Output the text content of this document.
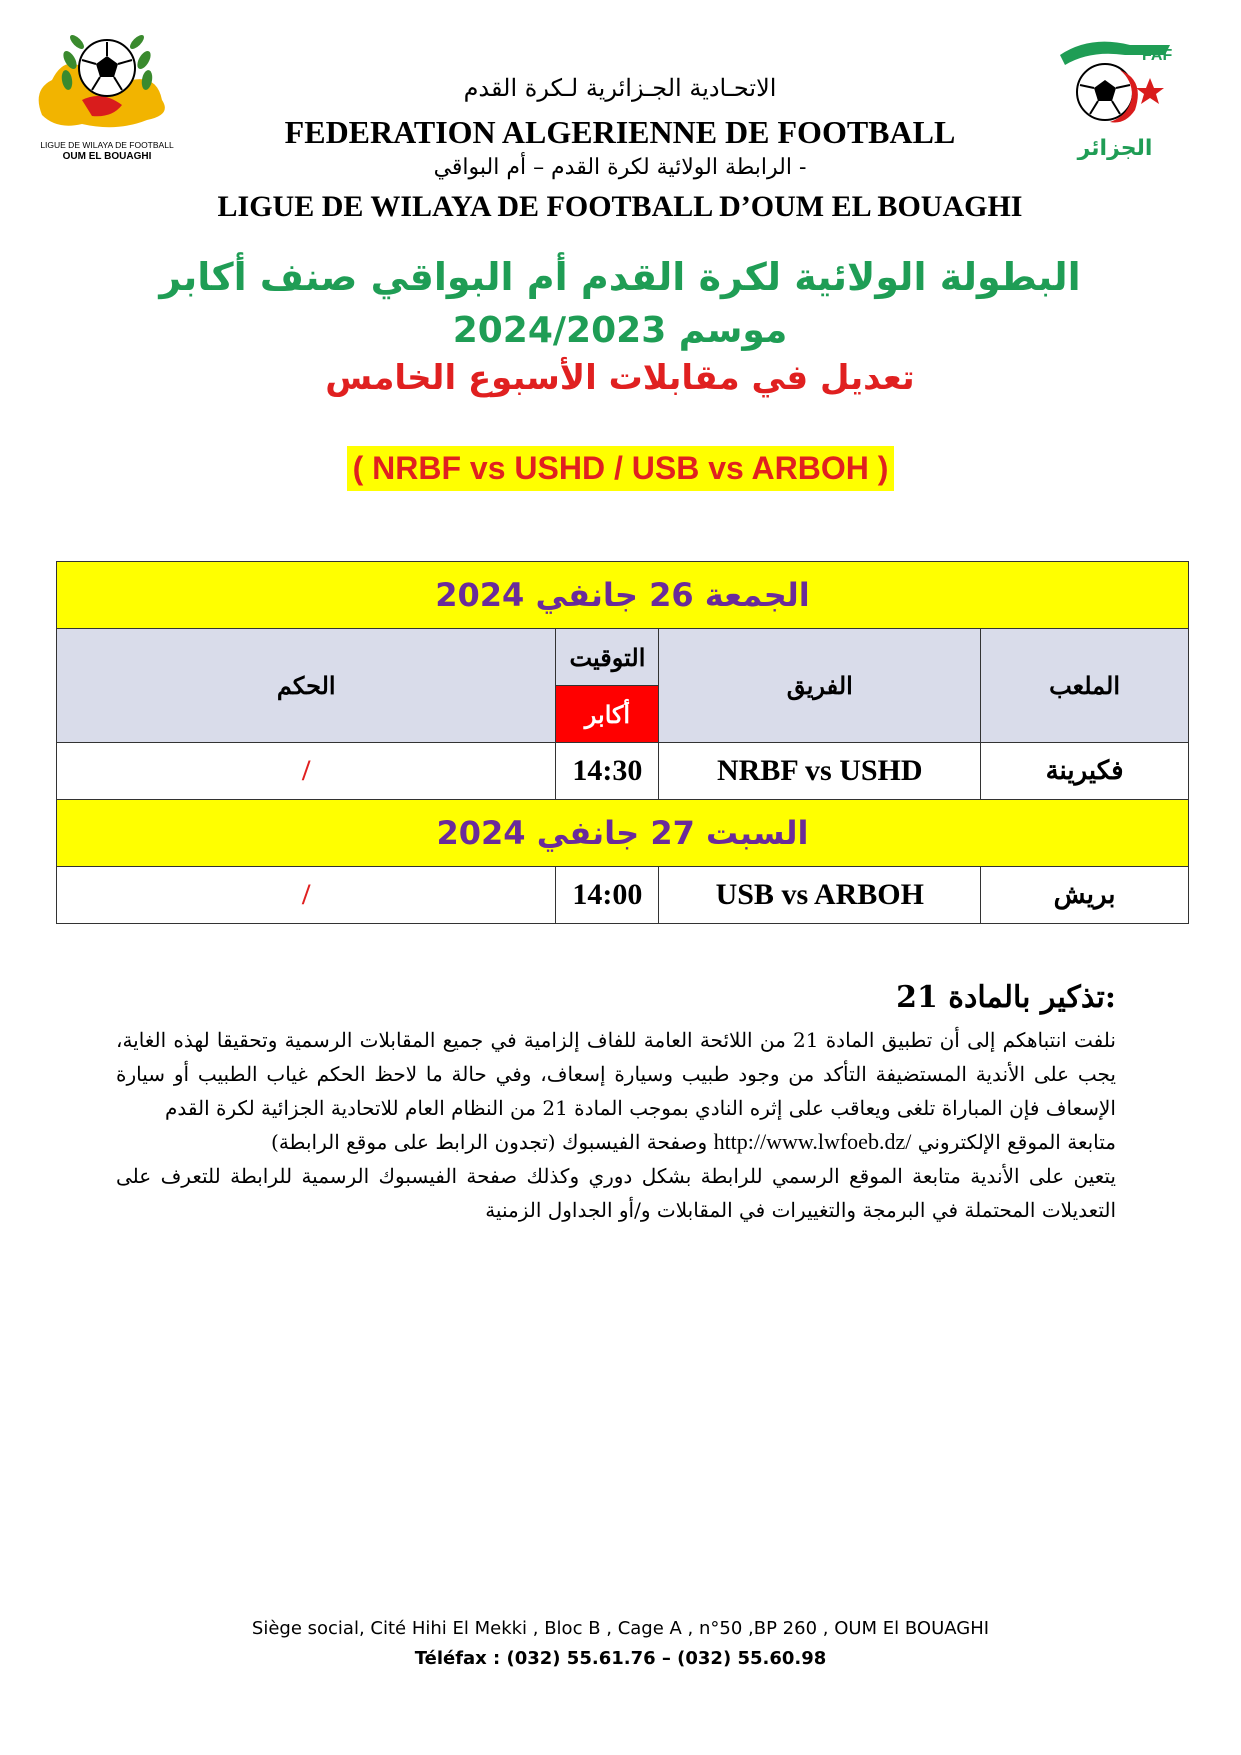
LIGUE DE WILAYA DE FOOTBALL
OUM EL BOUAGHI
FAF
الجزائر
الاتحـادية الجـزائرية لـكرة القدم
FEDERATION ALGERIENNE DE FOOTBALL
الرابطة الولائية لكرة القدم – أم البواقي -
LIGUE DE WILAYA DE FOOTBALL D’OUM EL BOUAGHI
البطولة الولائية لكرة القدم أم البواقي صنف أكابر
موسم 2024/2023
تعديل في مقابلات الأسبوع الخامس
( NRBF vs USHD / USB vs ARBOH )
الجمعة 26 جانفي 2024			
الحكم	التوقيت	الفريق	الملعب
	أكابر		
/	14:30	NRBF vs USHD	فكيرينة
السبت 27 جانفي 2024			
/	14:00	USB vs ARBOH	بريش
تذكير بالمادة 21:

نلفت انتباهكم إلى أن تطبيق المادة 21 من اللائحة العامة للفاف إلزامية في جميع المقابلات الرسمية وتحقيقا لهذه الغاية، يجب على الأندية المستضيفة التأكد من وجود طبيب وسيارة إسعاف، وفي حالة ما لاحظ الحكم غياب الطبيب أو سيارة الإسعاف فإن المباراة تلغى ويعاقب على إثره النادي بموجب المادة 21 من النظام العام للاتحادية الجزائية لكرة القدم

متابعة الموقع الإلكتروني http://www.lwfoeb.dz/ وصفحة الفيسبوك (تجدون الرابط على موقع الرابطة)

يتعين على الأندية متابعة الموقع الرسمي للرابطة بشكل دوري وكذلك صفحة الفيسبوك الرسمية للرابطة للتعرف على التعديلات المحتملة في البرمجة والتغييرات في المقابلات و/أو الجداول الزمنية

Siège social, Cité Hihi El Mekki , Bloc B , Cage A , n°50 ,BP 260 , OUM El BOUAGHI
Téléfax : (032) 55.61.76 – (032) 55.60.98
